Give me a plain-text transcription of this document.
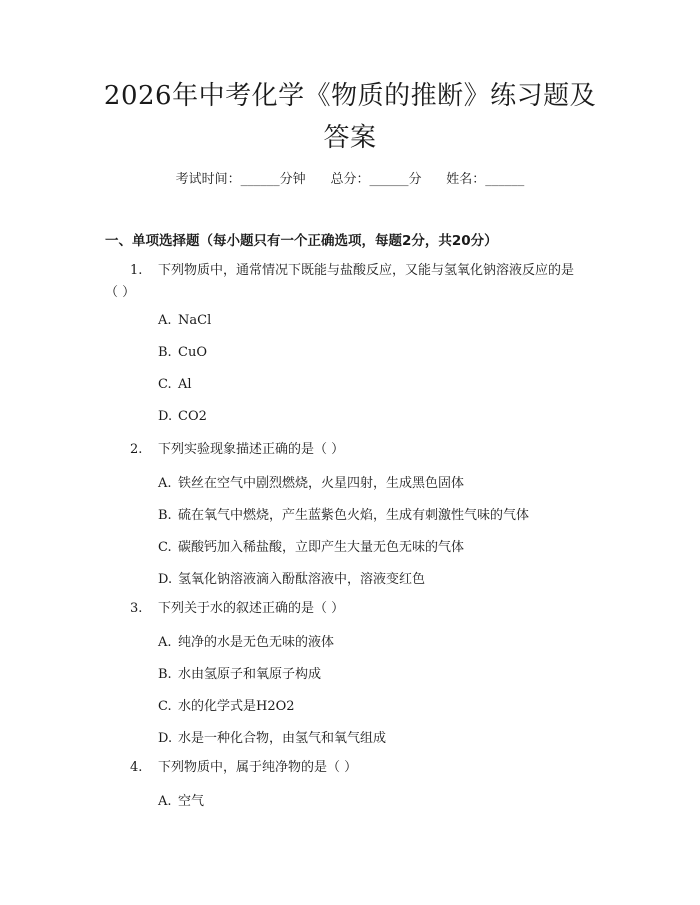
2026年中考化学《物质的推断》练习题及答案
考试时间：______分钟 总分：______分 姓名：______
一、单项选择题（每小题只有一个正确选项，每题2分，共20分）
1. 下列物质中，通常情况下既能与盐酸反应，又能与氢氧化钠溶液反应的是
（ ）
A. NaCl
B. CuO
C. Al
D. CO2
2. 下列实验现象描述正确的是（ ）
A. 铁丝在空气中剧烈燃烧，火星四射，生成黑色固体
B. 硫在氧气中燃烧，产生蓝紫色火焰，生成有刺激性气味的气体
C. 碳酸钙加入稀盐酸，立即产生大量无色无味的气体
D. 氢氧化钠溶液滴入酚酞溶液中，溶液变红色
3. 下列关于水的叙述正确的是（ ）
A. 纯净的水是无色无味的液体
B. 水由氢原子和氧原子构成
C. 水的化学式是H2O2
D. 水是一种化合物，由氢气和氧气组成
4. 下列物质中，属于纯净物的是（ ）
A. 空气
